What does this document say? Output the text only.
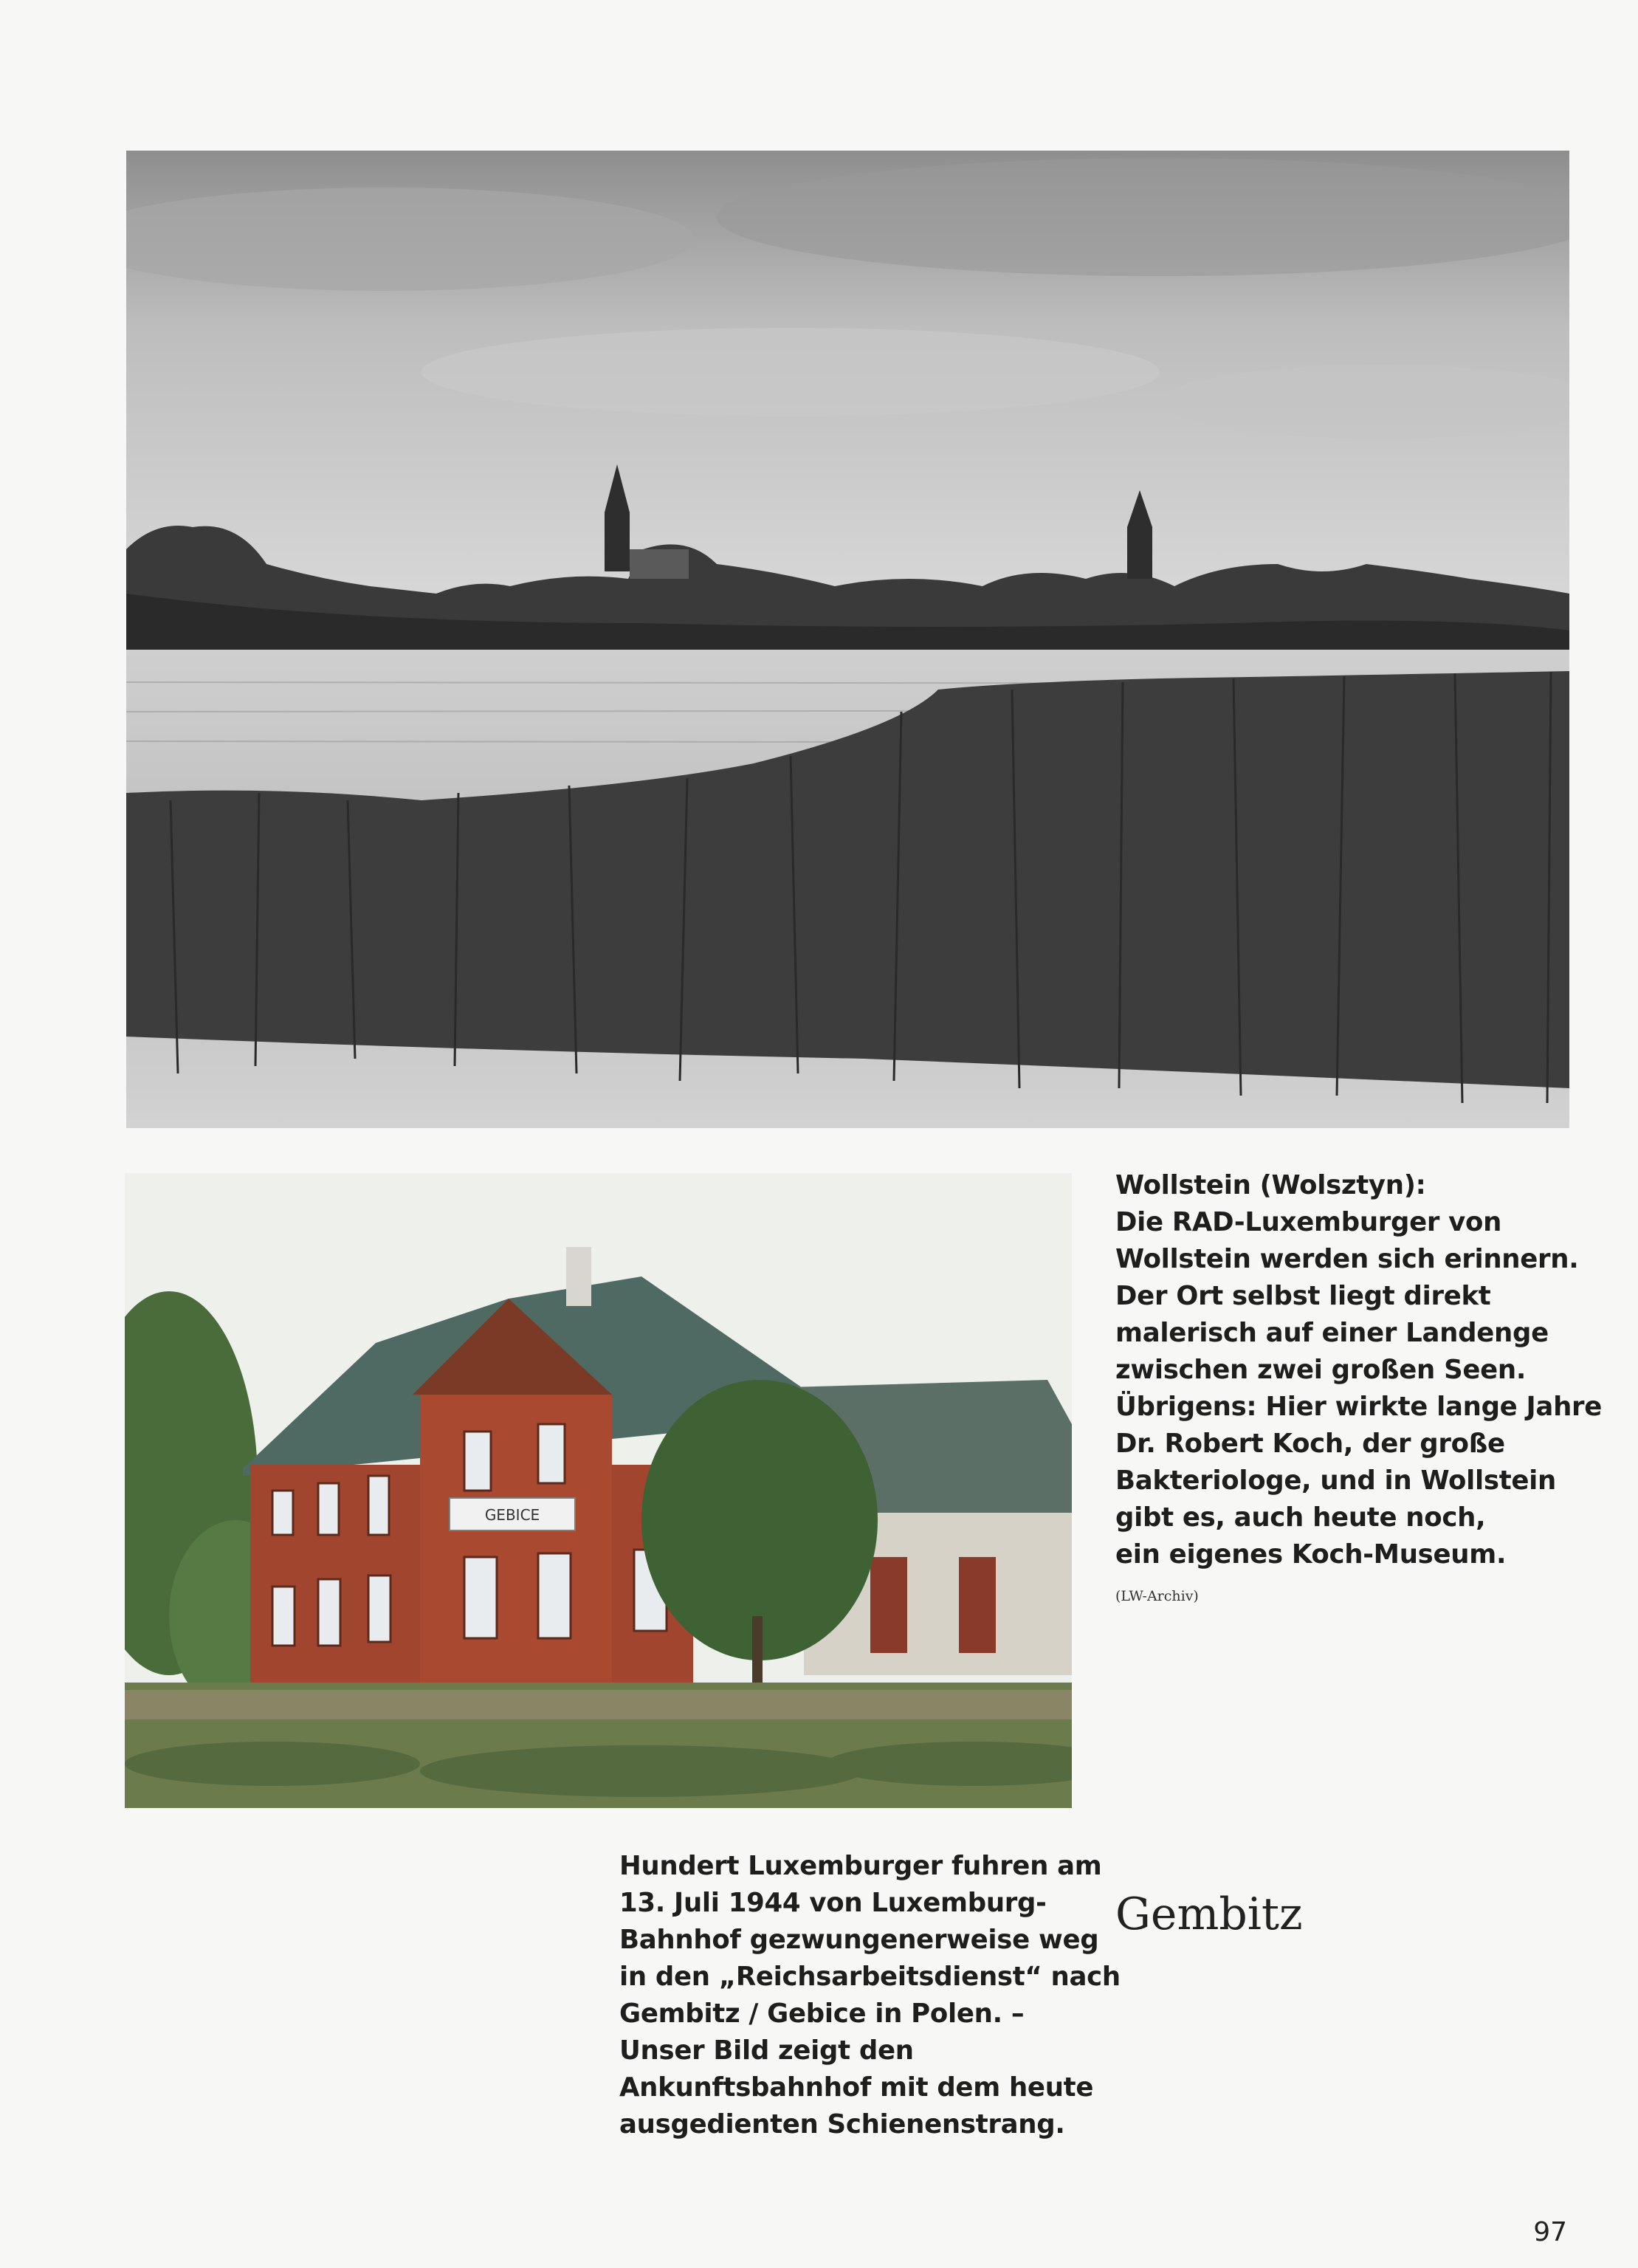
GEBICE
Wollstein (Wolsztyn):
Die RAD-Luxemburger von
Wollstein werden sich erinnern.
Der Ort selbst liegt direkt
malerisch auf einer Landenge
zwischen zwei großen Seen.
Übrigens: Hier wirkte lange Jahre
Dr. Robert Koch, der große
Bakteriologe, und in Wollstein
gibt es, auch heute noch,
ein eigenes Koch-Museum.
(LW-Archiv)
Hundert Luxemburger fuhren am
13. Juli 1944 von Luxemburg-
Bahnhof gezwungenerweise weg
in den „Reichsarbeitsdienst“ nach
Gembitz / Gebice in Polen. –
Unser Bild zeigt den
Ankunftsbahnhof mit dem heute
ausgedienten Schienenstrang.
Gembitz
97
